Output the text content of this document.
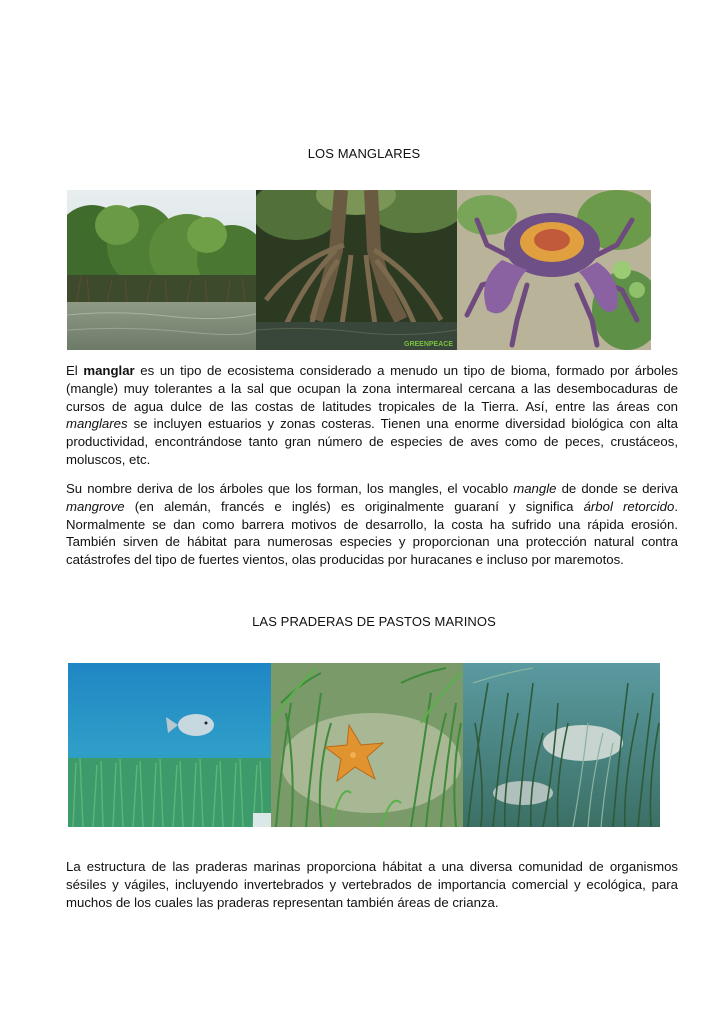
LOS MANGLARES
GREENPEACE

El manglar es un tipo de ecosistema considerado a menudo un tipo de bioma, formado por árboles (mangle) muy tolerantes a la sal que ocupan la zona intermareal cercana a las desembocaduras de cursos de agua dulce de las costas de latitudes tropicales de la Tierra. Así, entre las áreas con manglares se incluyen estuarios y zonas costeras. Tienen una enorme diversidad biológica con alta productividad, encontrándose tanto gran número de especies de aves como de peces, crustáceos, moluscos, etc.

Su nombre deriva de los árboles que los forman, los mangles, el vocablo mangle de donde se deriva mangrove (en alemán, francés e inglés) es originalmente guaraní y significa árbol retorcido. Normalmente se dan como barrera motivos de desarrollo, la costa ha sufrido una rápida erosión. También sirven de hábitat para numerosas especies y proporcionan una protección natural contra catástrofes del tipo de fuertes vientos, olas producidas por huracanes e incluso por maremotos.

LAS PRADERAS DE PASTOS MARINOS

La estructura de las praderas marinas proporciona hábitat a una diversa comunidad de organismos sésiles y vágiles, incluyendo invertebrados y vertebrados de importancia comercial y ecológica, para muchos de los cuales las praderas representan también áreas de crianza.
